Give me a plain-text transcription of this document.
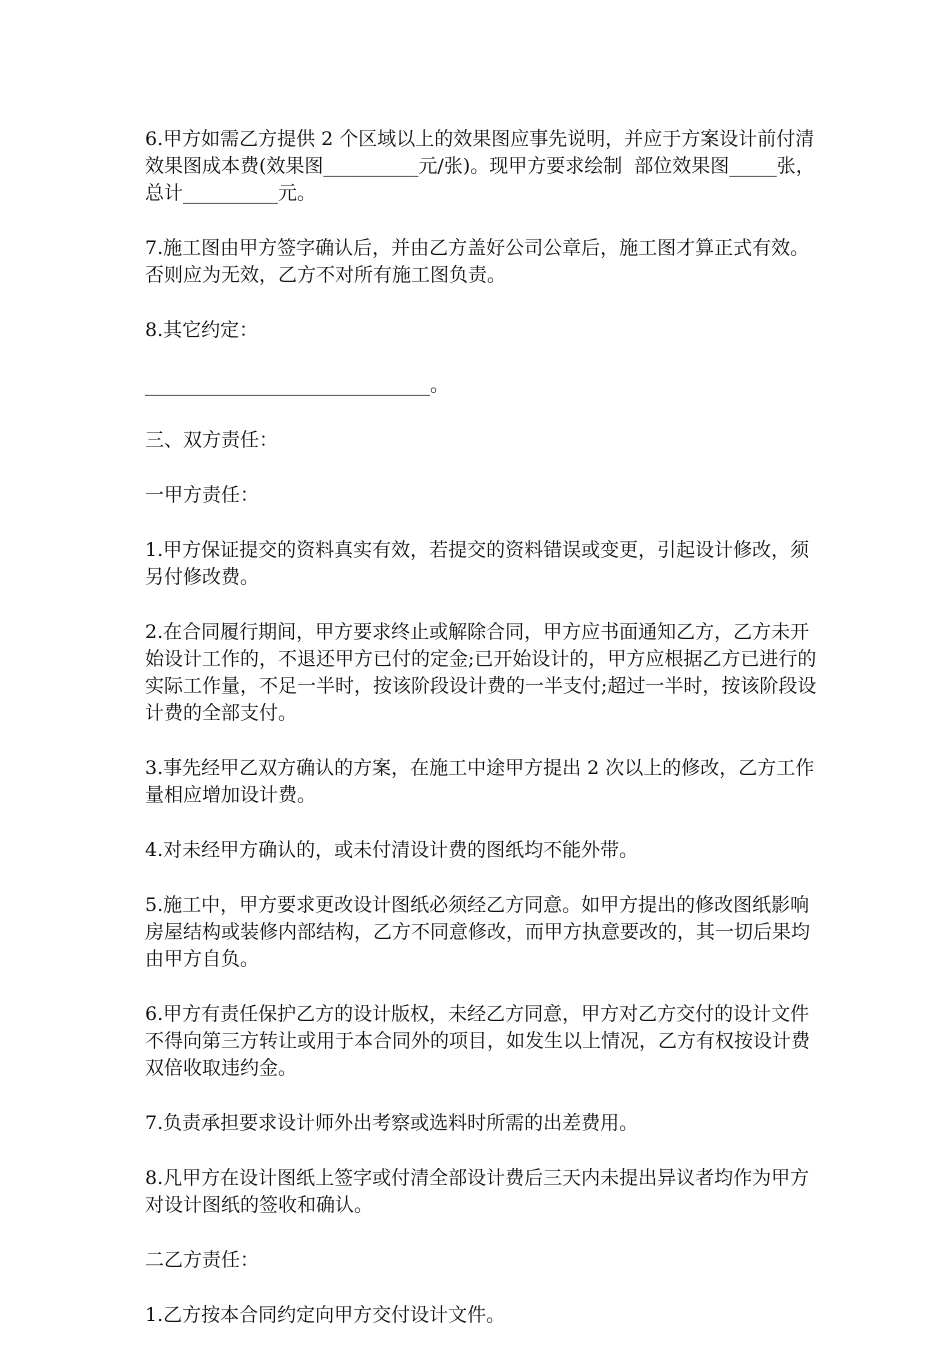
6.甲方如需乙方提供 2 个区域以上的效果图应事先说明，并应于方案设计前付清效果图成本费(效果图__________元/张)。现甲方要求绘制  部位效果图_____张，总计__________元。

7.施工图由甲方签字确认后，并由乙方盖好公司公章后，施工图才算正式有效。否则应为无效，乙方不对所有施工图负责。

8.其它约定：

______________________________。

三、双方责任：

一甲方责任：

1.甲方保证提交的资料真实有效，若提交的资料错误或变更，引起设计修改，须另付修改费。

2.在合同履行期间，甲方要求终止或解除合同，甲方应书面通知乙方，乙方未开始设计工作的，不退还甲方已付的定金;已开始设计的，甲方应根据乙方已进行的实际工作量，不足一半时，按该阶段设计费的一半支付;超过一半时，按该阶段设计费的全部支付。

3.事先经甲乙双方确认的方案，在施工中途甲方提出 2 次以上的修改，乙方工作量相应增加设计费。

4.对未经甲方确认的，或未付清设计费的图纸均不能外带。

5.施工中，甲方要求更改设计图纸必须经乙方同意。如甲方提出的修改图纸影响房屋结构或装修内部结构，乙方不同意修改，而甲方执意要改的，其一切后果均由甲方自负。

6.甲方有责任保护乙方的设计版权，未经乙方同意，甲方对乙方交付的设计文件不得向第三方转让或用于本合同外的项目，如发生以上情况，乙方有权按设计费双倍收取违约金。

7.负责承担要求设计师外出考察或选料时所需的出差费用。

8.凡甲方在设计图纸上签字或付清全部设计费后三天内未提出异议者均作为甲方对设计图纸的签收和确认。

二乙方责任：

1.乙方按本合同约定向甲方交付设计文件。
